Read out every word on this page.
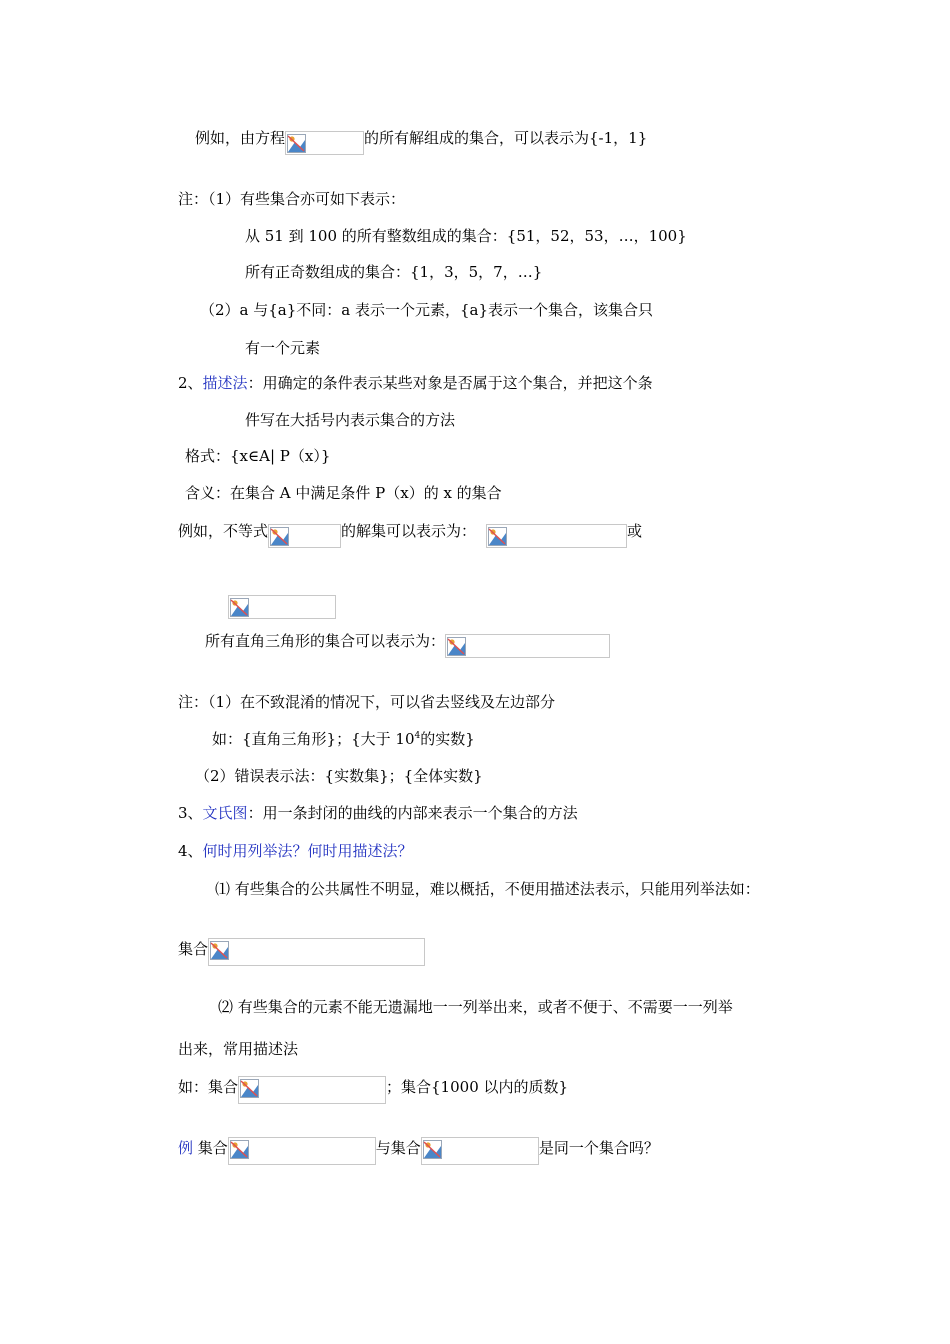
例如，由方程	的所有解组成的集合，可以表示为{-1，1}
注：（1）有些集合亦可如下表示：
从 51 到 100 的所有整数组成的集合：{51，52，53，…，100}
所有正奇数组成的集合：{1，3，5，7，…}
（2）a 与{a}不同：a 表示一个元素，{a}表示一个集合，该集合只
有一个元素
2、描述法：用确定的条件表示某些对象是否属于这个集合，并把这个条
件写在大括号内表示集合的方法
格式：{x∈A| P（x）}
含义：在集合 A 中满足条件 P（x）的 x 的集合
例如，不等式	的解集可以表示为：	或
所有直角三角形的集合可以表示为：
注：（1）在不致混淆的情况下，可以省去竖线及左边部分
如：{直角三角形}；{大于 $10^4$的实数}
（2）错误表示法：{实数集}；{全体实数}
3、文氏图：用一条封闭的曲线的内部来表示一个集合的方法
4、何时用列举法？何时用描述法？
⑴ 有些集合的公共属性不明显，难以概括，不便用描述法表示，只能用列举法如：
集合
⑵ 有些集合的元素不能无遗漏地一一列举出来，或者不便于、不需要一一列举
出来，常用描述法
如：集合	；集合{1000 以内的质数}
例 集合	与集合	是同一个集合吗？
